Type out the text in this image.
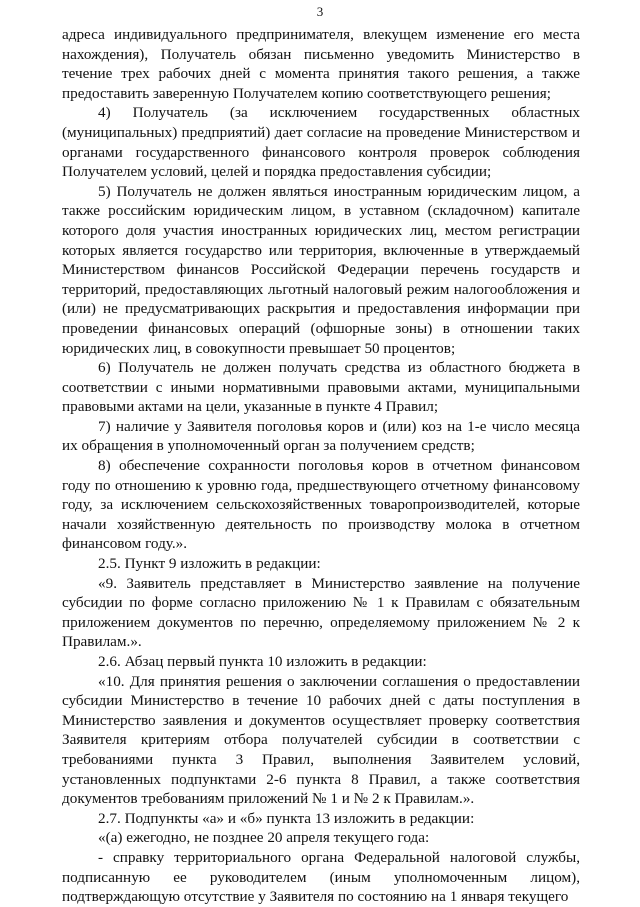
3

адреса индивидуального предпринимателя, влекущем изменение его места нахождения), Получатель обязан письменно уведомить Министерство в течение трех рабочих дней с момента принятия такого решения, а также предоставить заверенную Получателем копию соответствующего решения;

4) Получатель (за исключением государственных областных (муниципальных) предприятий) дает согласие на проведение Министерством и органами государственного финансового контроля проверок соблюдения Получателем условий, целей и порядка предоставления субсидии;

5) Получатель не должен являться иностранным юридическим лицом, а также российским юридическим лицом, в уставном (складочном) капитале которого доля участия иностранных юридических лиц, местом регистрации которых является государство или территория, включенные в утверждаемый Министерством финансов Российской Федерации перечень государств и территорий, предоставляющих льготный налоговый режим налогообложения и (или) не предусматривающих раскрытия и предоставления информации при проведении финансовых операций (офшорные зоны) в отношении таких юридических лиц, в совокупности превышает 50 процентов;

6) Получатель не должен получать средства из областного бюджета в соответствии с иными нормативными правовыми актами, муниципальными правовыми актами на цели, указанные в пункте 4 Правил;

7) наличие у Заявителя поголовья коров и (или) коз на 1-е число месяца их обращения в уполномоченный орган за получением средств;

8) обеспечение сохранности поголовья коров в отчетном финансовом году по отношению к уровню года, предшествующего отчетному финансовому году, за исключением сельскохозяйственных товаропроизводителей, которые начали хозяйственную деятельность по производству молока в отчетном финансовом году.».

2.5. Пункт 9 изложить в редакции:

«9. Заявитель представляет в Министерство заявление на получение субсидии по форме согласно приложению № 1 к Правилам с обязательным приложением документов по перечню, определяемому приложением № 2 к Правилам.».

2.6. Абзац первый пункта 10 изложить в редакции:

«10. Для принятия решения о заключении соглашения о предоставлении субсидии Министерство в течение 10 рабочих дней с даты поступления в Министерство заявления и документов осуществляет проверку соответствия Заявителя критериям отбора получателей субсидии в соответствии с требованиями пункта 3 Правил, выполнения Заявителем условий, установленных подпунктами 2-6 пункта 8 Правил, а также соответствия документов требованиям приложений № 1 и № 2 к Правилам.».

2.7. Подпункты «а» и «б» пункта 13 изложить в редакции:

«(а) ежегодно, не позднее 20 апреля текущего года:

- справку территориального органа Федеральной налоговой службы, подписанную ее руководителем (иным уполномоченным лицом), подтверждающую отсутствие у Заявителя по состоянию на 1 января текущего
